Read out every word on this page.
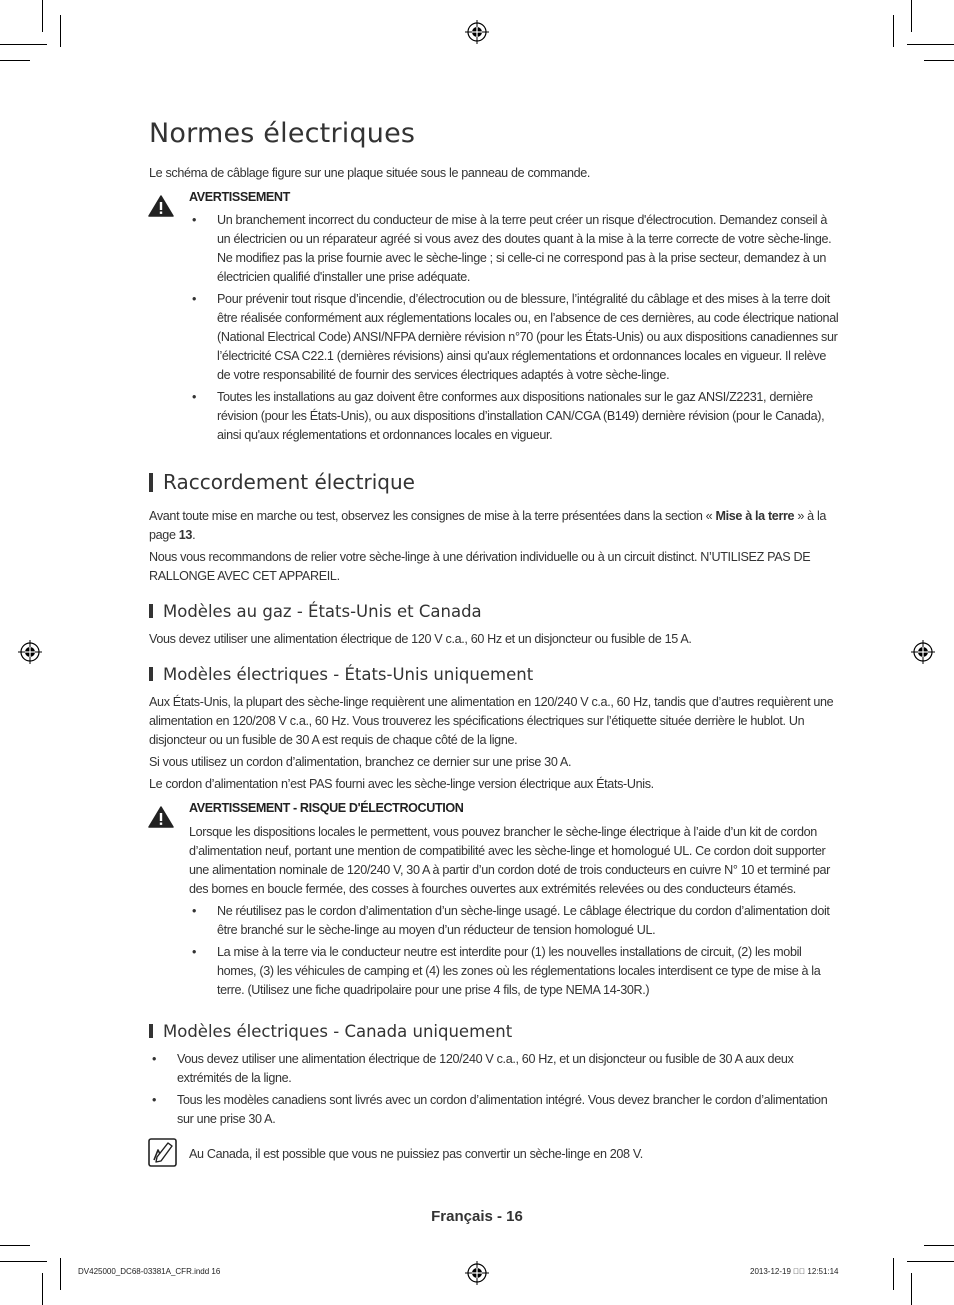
Normes électriques

Le schéma de câblage figure sur une plaque située sous le panneau de commande.

AVERTISSEMENT

• Un branchement incorrect du conducteur de mise à la terre peut créer un risque d'électrocution. Demandez conseil à un électricien ou un réparateur agréé si vous avez des doutes quant à la mise à la terre correcte de votre sèche-linge. Ne modifiez pas la prise fournie avec le sèche-linge ; si celle-ci ne correspond pas à la prise secteur, demandez à un électricien qualifié d'installer une prise adéquate.
• Pour prévenir tout risque d’incendie, d’électrocution ou de blessure, l’intégralité du câblage et des mises à la terre doit être réalisée conformément aux réglementations locales ou, en l’absence de ces dernières, au code électrique national (National Electrical Code) ANSI/NFPA dernière révision n°70 (pour les États-Unis) ou aux dispositions canadiennes sur l’électricité CSA C22.1 (dernières révisions) ainsi qu'aux réglementations et ordonnances locales en vigueur. Il relève de votre responsabilité de fournir des services électriques adaptés à votre sèche-linge.
• Toutes les installations au gaz doivent être conformes aux dispositions nationales sur le gaz ANSI/Z2231, dernière révision (pour les États-Unis), ou aux dispositions d’installation CAN/CGA (B149) dernière révision (pour le Canada), ainsi qu'aux réglementations et ordonnances locales en vigueur.
Raccordement électrique

Avant toute mise en marche ou test, observez les consignes de mise à la terre présentées dans la section « Mise à la terre » à la page 13.

Nous vous recommandons de relier votre sèche-linge à une dérivation individuelle ou à un circuit distinct. N’UTILISEZ PAS DE RALLONGE AVEC CET APPAREIL.

Modèles au gaz - États-Unis et Canada

Vous devez utiliser une alimentation électrique de 120 V c.a., 60 Hz et un disjoncteur ou fusible de 15 A.

Modèles électriques - États-Unis uniquement

Aux États-Unis, la plupart des sèche-linge requièrent une alimentation en 120/240 V c.a., 60 Hz, tandis que d’autres requièrent une alimentation en 120/208 V c.a., 60 Hz. Vous trouverez les spécifications électriques sur l’étiquette située derrière le hublot. Un disjoncteur ou un fusible de 30 A est requis de chaque côté de la ligne.

Si vous utilisez un cordon d’alimentation, branchez ce dernier sur une prise 30 A.

Le cordon d’alimentation n’est PAS fourni avec les sèche-linge version électrique aux États-Unis.

AVERTISSEMENT - RISQUE D'ÉLECTROCUTION

Lorsque les dispositions locales le permettent, vous pouvez brancher le sèche-linge électrique à l’aide d’un kit de cordon d’alimentation neuf, portant une mention de compatibilité avec les sèche-linge et homologué UL. Ce cordon doit supporter une alimentation nominale de 120/240 V, 30 A à partir d’un cordon doté de trois conducteurs en cuivre N° 10 et terminé par des bornes en boucle fermée, des cosses à fourches ouvertes aux extrémités relevées ou des conducteurs étamés.

• Ne réutilisez pas le cordon d’alimentation d’un sèche-linge usagé. Le câblage électrique du cordon d’alimentation doit être branché sur le sèche-linge au moyen d’un réducteur de tension homologué UL.
• La mise à la terre via le conducteur neutre est interdite pour (1) les nouvelles installations de circuit, (2) les mobil homes, (3) les véhicules de camping et (4) les zones où les réglementations locales interdisent ce type de mise à la terre. (Utilisez une fiche quadripolaire pour une prise 4 fils, de type NEMA 14-30R.)
Modèles électriques - Canada uniquement
• Vous devez utiliser une alimentation électrique de 120/240 V c.a., 60 Hz, et un disjoncteur ou fusible de 30 A aux deux extrémités de la ligne.
• Tous les modèles canadiens sont livrés avec un cordon d’alimentation intégré. Vous devez brancher le cordon d’alimentation sur une prise 30 A.

Au Canada, il est possible que vous ne puissiez pas convertir un sèche-linge en 208 V.

Français - 16
DV425000_DC68-03381A_CFR.indd 16	2013-12-19 ￿￿ 12:51:14
